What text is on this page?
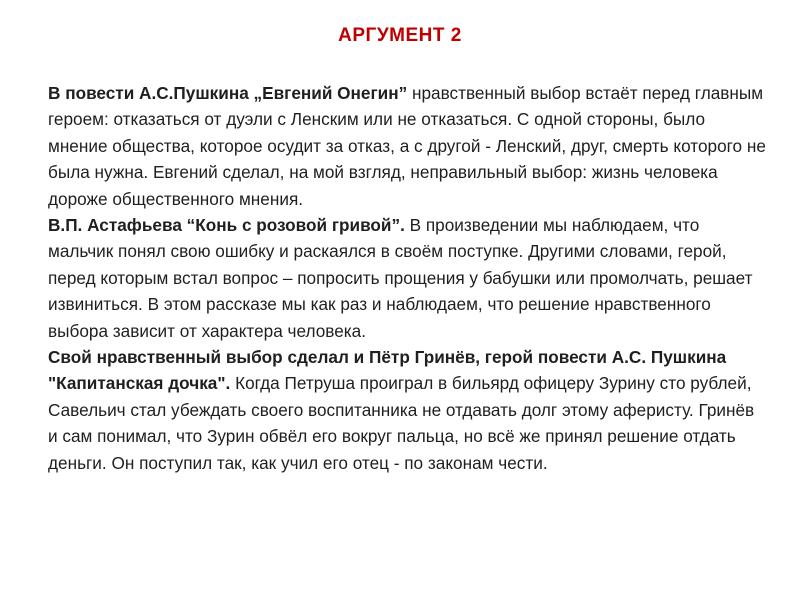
АРГУМЕНТ 2

В повести А.С.Пушкина „Евгений Онегин” нравственный выбор встаёт перед главным героем: отказаться от дуэли с Ленским или не отказаться. С одной стороны, было мнение общества, которое осудит за отказ, а с другой - Ленский, друг, смерть которого не была нужна. Евгений сделал, на мой взгляд, неправильный выбор: жизнь человека дороже общественного мнения.

В.П. Астафьева “Конь с розовой гривой”. В произведении мы наблюдаем, что мальчик понял свою ошибку и раскаялся в своём поступке. Другими словами, герой, перед которым встал вопрос – попросить прощения у бабушки или промолчать, решает извиниться. В этом рассказе мы как раз и наблюдаем, что решение нравственного выбора зависит от характера человека.

Свой нравственный выбор сделал и Пётр Гринёв, герой повести А.С. Пушкина "Капитанская дочка". Когда Петруша проиграл в бильярд офицеру Зурину сто рублей, Савельич стал убеждать своего воспитанника не отдавать долг этому аферисту. Гринёв и сам понимал, что Зурин обвёл его вокруг пальца, но всё же принял решение отдать деньги. Он поступил так, как учил его отец - по законам чести.
